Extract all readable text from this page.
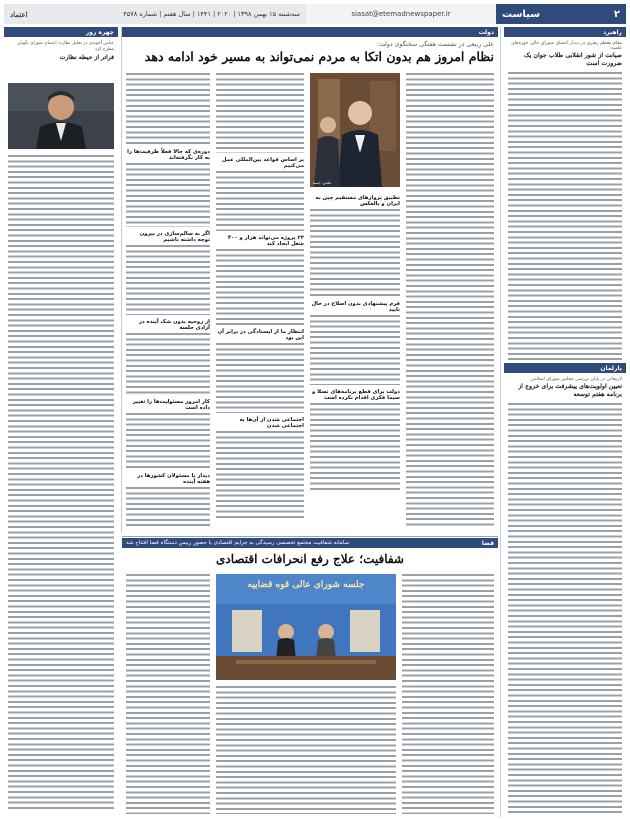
اعتماد	سه‌شنبه ۱۵ بهمن ۱۳۹۸ | ۲۰۲۰ | ۱۴۴۱ | سال هفتم | شماره ۴۵۷۸	siasat@etemadnewspaper.ir	سیاست	۲
راهبرد
مقام معظم رهبری در دیدار اعضای شورای عالی حوزه‌های علمیه:
صیانت از شور انقلابی طلاب جوان یک ضرورت است
پارلمان
لاریجانی در پایان بررسی مجلس شورای اسلامی
تعیین اولویت‌های پیشرفت برای خروج از برنامه هفتم توسعه
دولت
علی ربیعی در نشست هفتگی سخنگوی دولت:
نظام امروز هم بدون اتکا به مردم نمی‌تواند به مسیر خود ادامه دهد
عکس: ایسنا
تطبیق پرواز‌های مستقیم چین به ایران و بالعکس
فرم پیشنهادی بدون اصلاح در حال تایید
دولت برای قطع برنامه‌های تسلا و سیما فکری اقدام نکرده است
بر اساس قواعد بین‌المللی عمل می‌کنیم
۲۳ پروژه می‌تواند هزار و ۴۰۰ شغل ایجاد کند
انتظار ما از ایستادگی در برابر آن این بود
اجتماعی شدن از آن‌ها به اجتماعی شدن
دوره‌ی که حالا فعلاً ظرفیت‌ها را به کار نگرفته‌اند
اگر به سالم‌سازی در بیرون توجه داشته باشیم
از روحیه بدون شک آینده در آزادی جلسه
کار امروز مسئولیت‌ها را تغییر داده است
دیدار با مسئولان کشورها در هفته آینده
چهره روز
عباس آخوندی در تحلیل نظارت اعضای شورای نگهبان مطرح کرد
فراتر از حیطه نظارت
قضا
سامانه شفافیت مجتمع تخصصی رسیدگی به جرایم اقتصادی با حضور رییس دستگاه قضا افتتاح شد
شفافیت؛ علاج رفع انحرافات اقتصادی
جلسه شورای عالی قوه قضاییه
